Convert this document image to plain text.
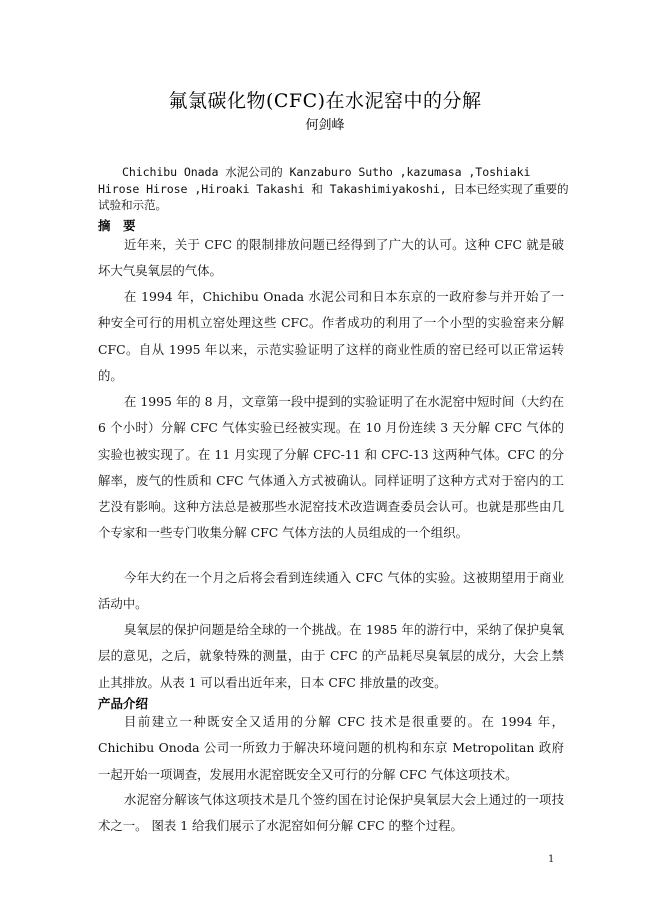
氟氯碳化物(CFC)在水泥窑中的分解
何剑峰
Chichibu Onada 水泥公司的 Kanzaburo Sutho ,kazumasa ,Toshiaki Hirose Hirose ,Hiroaki Takashi 和 Takashimiyakoshi, 日本已经实现了重要的试验和示范。
摘　要
近年来，关于 CFC 的限制排放问题已经得到了广大的认可。这种 CFC 就是破坏大气臭氧层的气体。
在 1994 年，Chichibu Onada 水泥公司和日本东京的一政府参与并开始了一种安全可行的用机立窑处理这些 CFC。作者成功的利用了一个小型的实验窑来分解 CFC。自从 1995 年以来，示范实验证明了这样的商业性质的窑已经可以正常运转的。
在 1995 年的 8 月，文章第一段中提到的实验证明了在水泥窑中短时间（大约在 6 个小时）分解 CFC 气体实验已经被实现。在 10 月份连续 3 天分解 CFC 气体的实验也被实现了。在 11 月实现了分解 CFC-11 和 CFC-13 这两种气体。CFC 的分解率，废气的性质和 CFC 气体通入方式被确认。同样证明了这种方式对于窑内的工艺没有影响。这种方法总是被那些水泥窑技术改造调查委员会认可。也就是那些由几个专家和一些专门收集分解 CFC 气体方法的人员组成的一个组织。
今年大约在一个月之后将会看到连续通入 CFC 气体的实验。这被期望用于商业活动中。
臭氧层的保护问题是给全球的一个挑战。在 1985 年的游行中，采纳了保护臭氧层的意见，之后，就象特殊的测量，由于 CFC 的产品耗尽臭氧层的成分，大会上禁止其排放。从表 1 可以看出近年来，日本 CFC 排放量的改变。
产品介绍
目前建立一种既安全又适用的分解 CFC 技术是很重要的。在 1994 年，Chichibu Onoda 公司一所致力于解决环境问题的机构和东京 Metropolitan 政府一起开始一项调查，发展用水泥窑既安全又可行的分解 CFC 气体这项技术。
水泥窑分解该气体这项技术是几个签约国在讨论保护臭氧层大会上通过的一项技术之一。 图表 1 给我们展示了水泥窑如何分解 CFC 的整个过程。
1
